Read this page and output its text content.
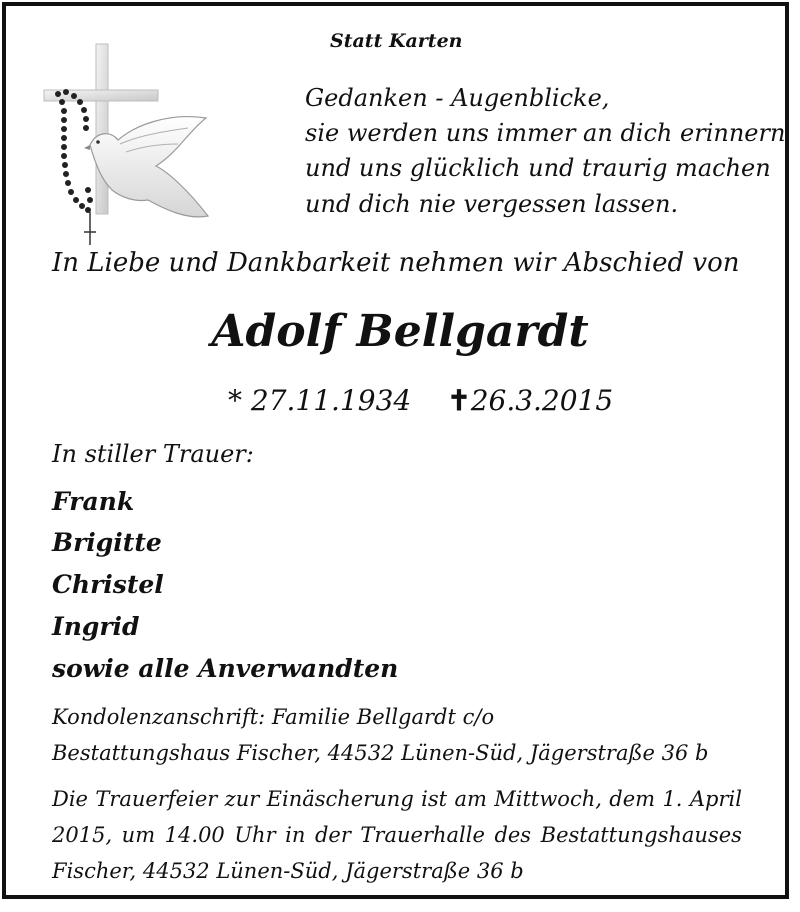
Statt Karten
Gedanken - Augenblicke,
sie werden uns immer an dich erinnern
und uns glücklich und traurig machen
und dich nie vergessen lassen.
In Liebe und Dankbarkeit nehmen wir Abschied von
Adolf Bellgardt
* 27.11.1934 ✝26.3.2015
In stiller Trauer:
Frank
Brigitte
Christel
Ingrid
sowie alle Anverwandten
Kondolenzanschrift: Familie Bellgardt c/o
Bestattungshaus Fischer, 44532 Lünen-Süd, Jägerstraße 36 b
Die Trauerfeier zur Einäscherung ist am Mittwoch, dem 1. April
2015, um 14.00 Uhr in der Trauerhalle des Bestattungshauses
Fischer, 44532 Lünen-Süd, Jägerstraße 36 b
